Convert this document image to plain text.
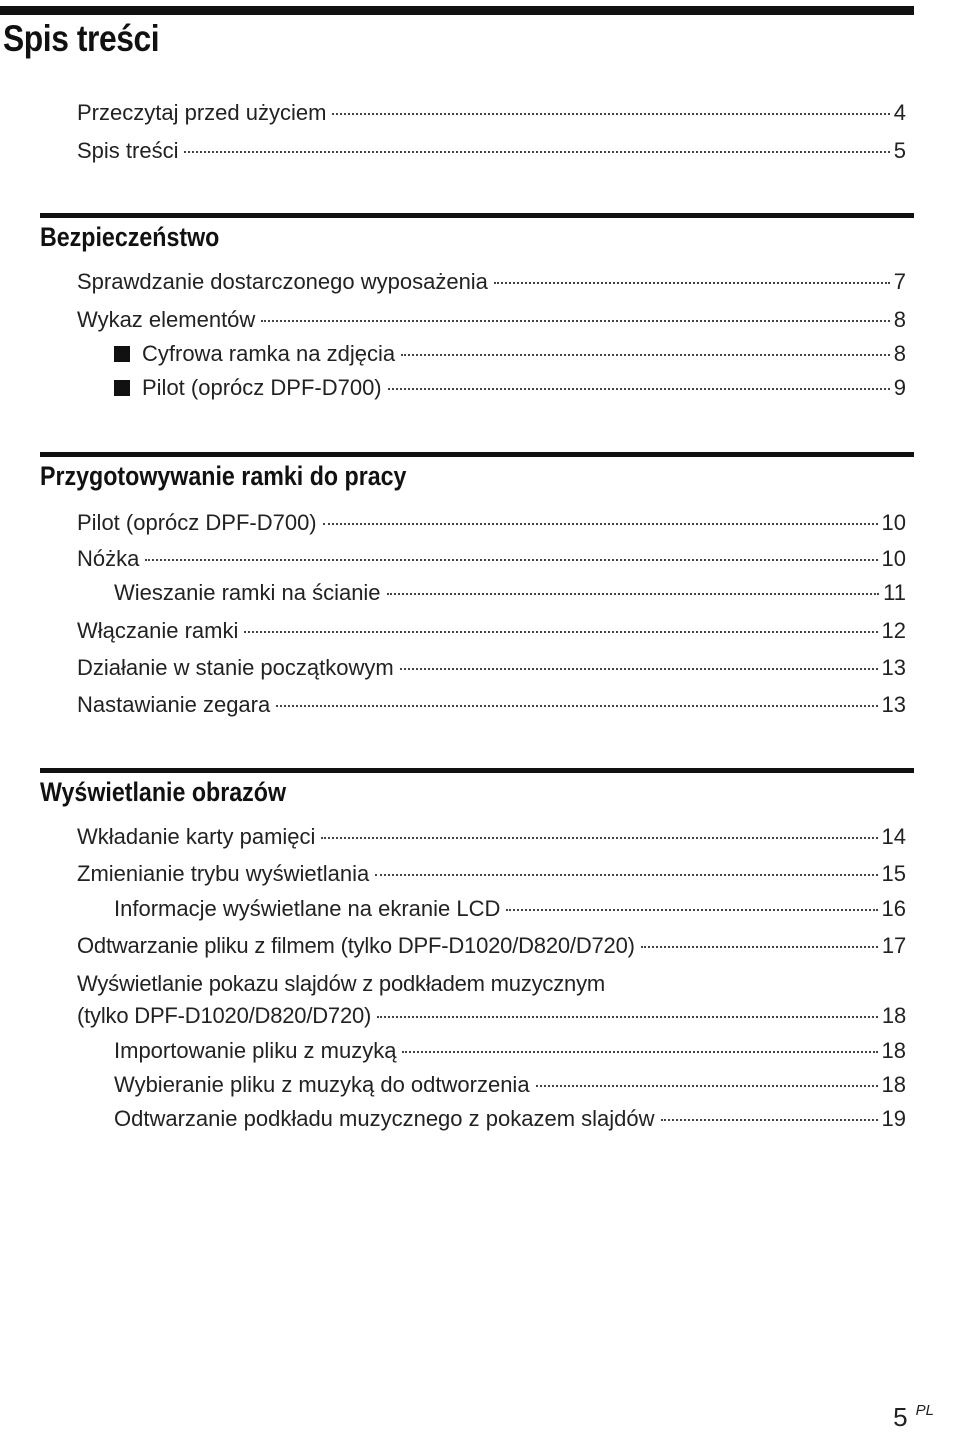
Spis treści
Przeczytaj przed użyciem	4
Spis treści	5
Bezpieczeństwo
Sprawdzanie dostarczonego wyposażenia	7
Wykaz elementów	8
Cyfrowa ramka na zdjęcia	8
Pilot (oprócz DPF-D700)	9
Przygotowywanie ramki do pracy
Pilot (oprócz DPF-D700)	10
Nóżka	10
Wieszanie ramki na ścianie	11
Włączanie ramki	12
Działanie w stanie początkowym	13
Nastawianie zegara	13
Wyświetlanie obrazów
Wkładanie karty pamięci	14
Zmienianie trybu wyświetlania	15
Informacje wyświetlane na ekranie LCD	16
Odtwarzanie pliku z filmem (tylko DPF-D1020/D820/D720)	17
Wyświetlanie pokazu slajdów z podkładem muzycznym
(tylko DPF-D1020/D820/D720)	18
Importowanie pliku z muzyką	18
Wybieranie pliku z muzyką do odtworzenia	18
Odtwarzanie podkładu muzycznego z pokazem slajdów	19
5 $^{PL}$
